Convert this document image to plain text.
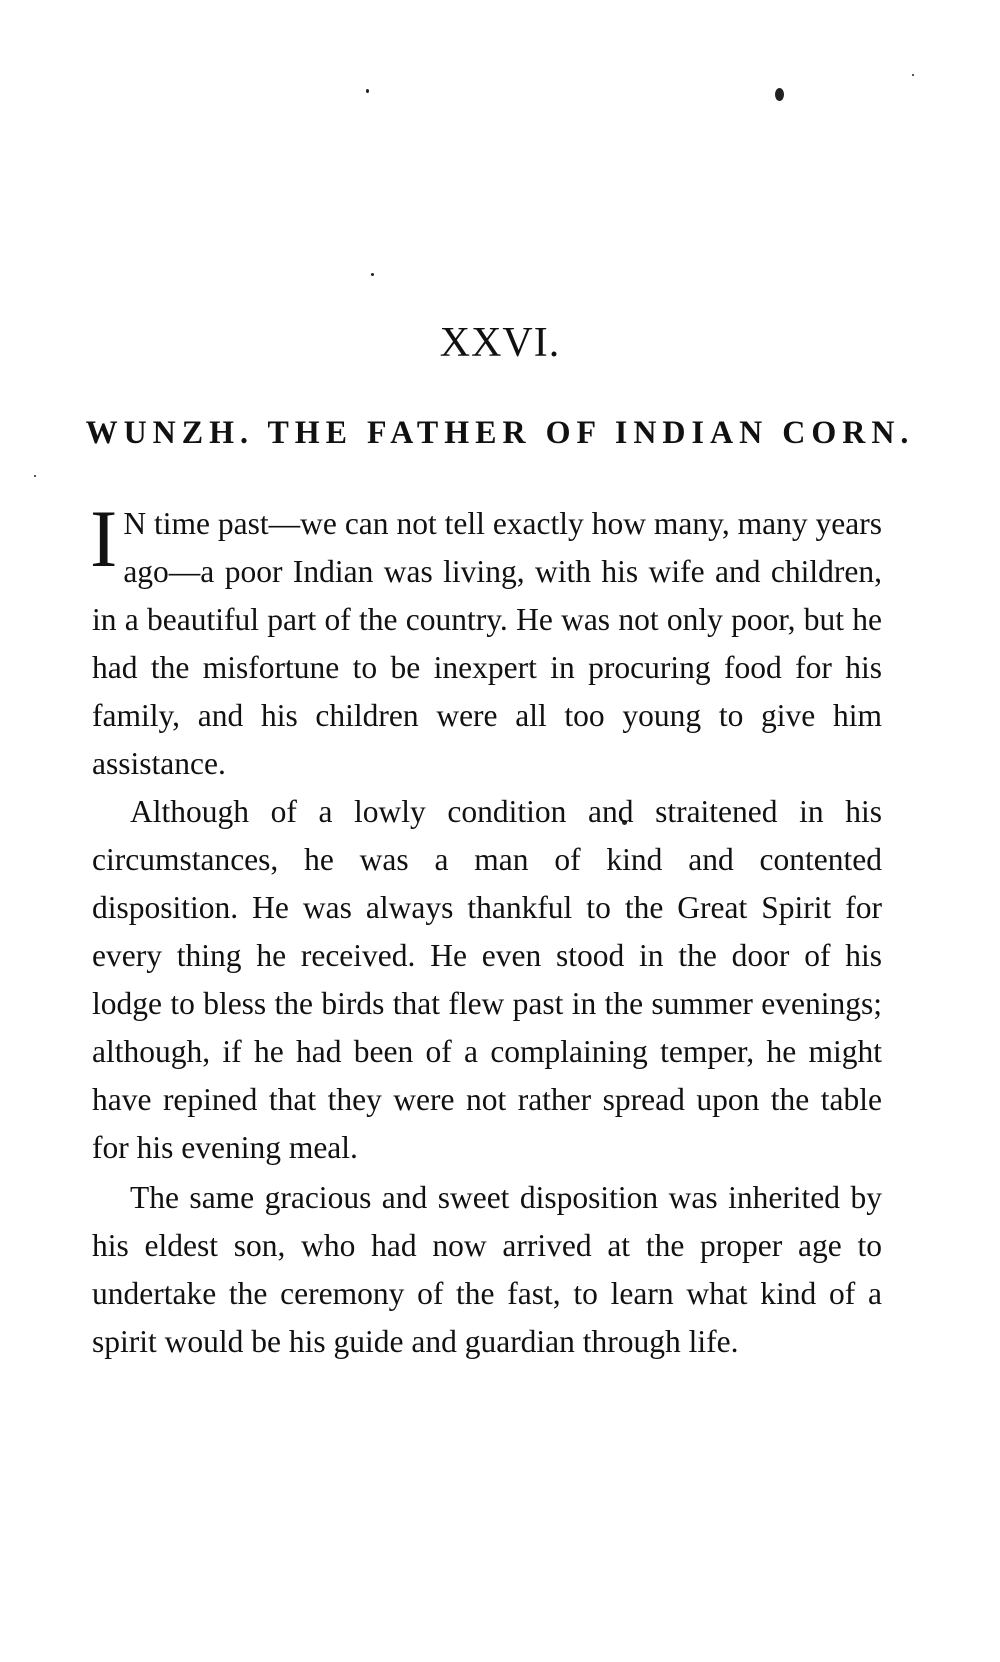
XXVI.
WUNZH. THE FATHER OF INDIAN CORN.

I N time past—we can not tell exactly how many, many years ago—a poor Indian was living, with his wife and children, in a beautiful part of the country. He was not only poor, but he had the misfortune to be inexpert in procuring food for his family, and his children were all too young to give him assistance.

Although of a lowly condition and straitened in his circumstances, he was a man of kind and contented disposition. He was always thankful to the Great Spirit for every thing he received. He even stood in the door of his lodge to bless the birds that flew past in the summer evenings; although, if he had been of a complaining temper, he might have repined that they were not rather spread upon the table for his evening meal.

The same gracious and sweet disposition was inherited by his eldest son, who had now arrived at the proper age to undertake the ceremony of the fast, to learn what kind of a spirit would be his guide and guardian through life.
